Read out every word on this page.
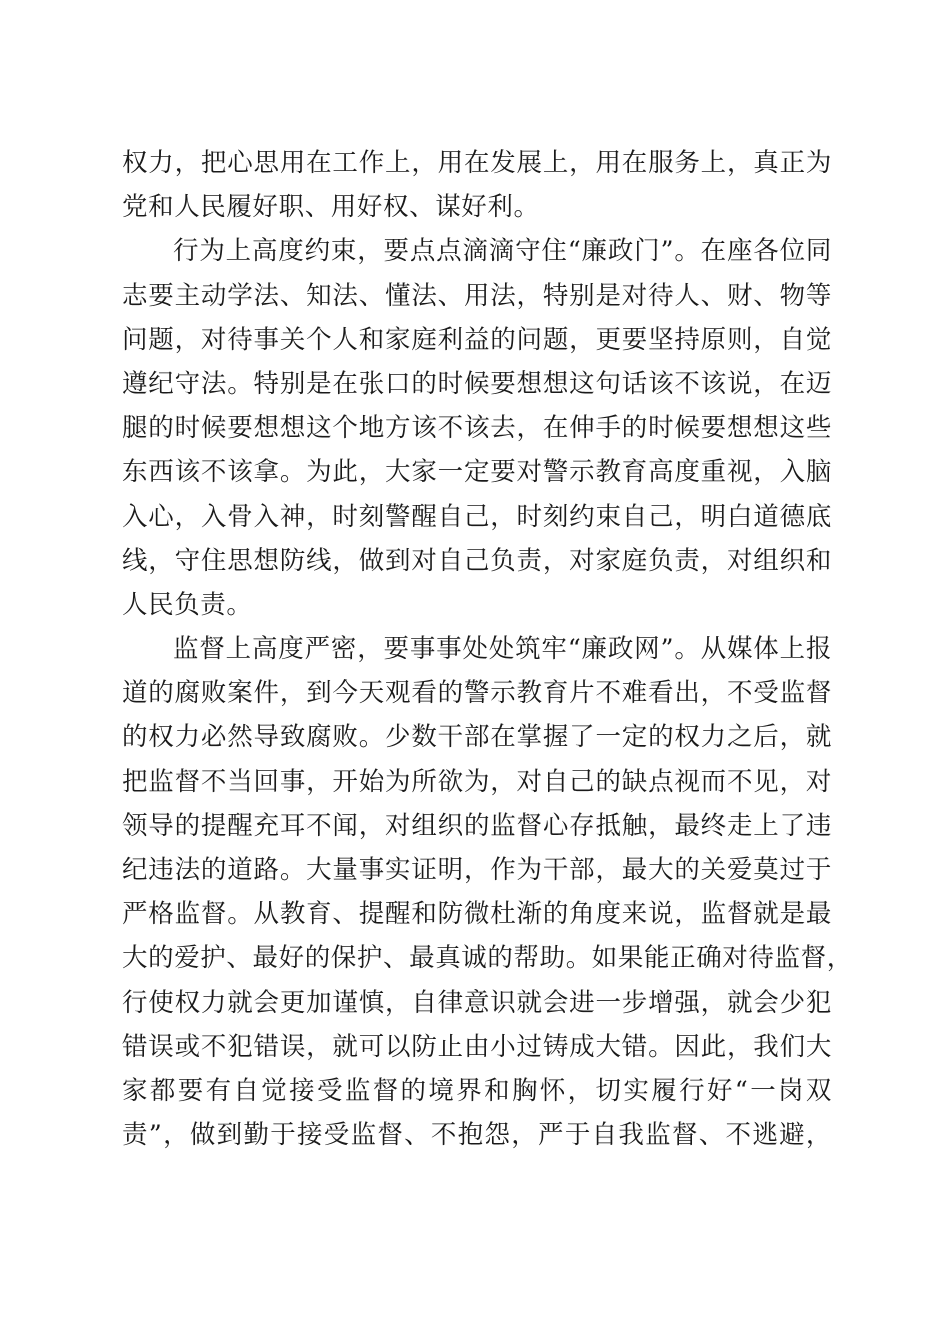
权力，把心思用在工作上，用在发展上，用在服务上，真正为
党和人民履好职、用好权、谋好利。
行为上高度约束，要点点滴滴守住“廉政门”。在座各位同
志要主动学法、知法、懂法、用法，特别是对待人、财、物等
问题，对待事关个人和家庭利益的问题，更要坚持原则，自觉
遵纪守法。特别是在张口的时候要想想这句话该不该说，在迈
腿的时候要想想这个地方该不该去，在伸手的时候要想想这些
东西该不该拿。为此，大家一定要对警示教育高度重视，入脑
入心，入骨入神，时刻警醒自己，时刻约束自己，明白道德底
线，守住思想防线，做到对自己负责，对家庭负责，对组织和
人民负责。
监督上高度严密，要事事处处筑牢“廉政网”。从媒体上报
道的腐败案件，到今天观看的警示教育片不难看出，不受监督
的权力必然导致腐败。少数干部在掌握了一定的权力之后，就
把监督不当回事，开始为所欲为，对自己的缺点视而不见，对
领导的提醒充耳不闻，对组织的监督心存抵触，最终走上了违
纪违法的道路。大量事实证明，作为干部，最大的关爱莫过于
严格监督。从教育、提醒和防微杜渐的角度来说，监督就是最
大的爱护、最好的保护、最真诚的帮助。如果能正确对待监督，
行使权力就会更加谨慎，自律意识就会进一步增强，就会少犯
错误或不犯错误，就可以防止由小过铸成大错。因此，我们大
家都要有自觉接受监督的境界和胸怀，切实履行好“一岗双
责”，做到勤于接受监督、不抱怨，严于自我监督、不逃避，
